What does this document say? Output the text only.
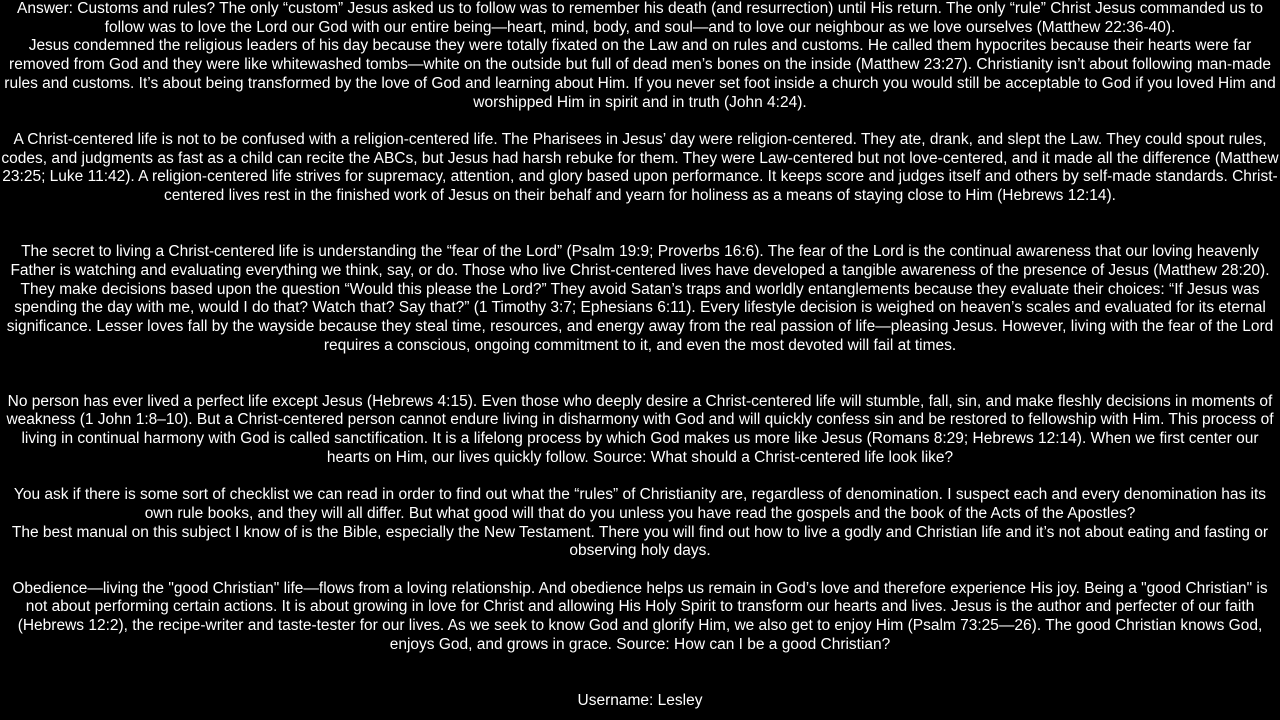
Answer: Customs and rules? The only “custom” Jesus asked us to follow was to remember his death (and resurrection) until His return. The only “rule” Christ Jesus commanded us to follow was to love the Lord our God with our entire being—heart, mind, body, and soul—and to love our neighbour as we love ourselves (Matthew 22:36-40).

Jesus condemned the religious leaders of his day because they were totally fixated on the Law and on rules and customs. He called them hypocrites because their hearts were far removed from God and they were like whitewashed tombs—white on the outside but full of dead men’s bones on the inside (Matthew 23:27). Christianity isn’t about following man-made rules and customs. It’s about being transformed by the love of God and learning about Him. If you never set foot inside a church you would still be acceptable to God if you loved Him and worshipped Him in spirit and in truth (John 4:24).

A Christ-centered life is not to be confused with a religion-centered life. The Pharisees in Jesus’ day were religion-centered. They ate, drank, and slept the Law. They could spout rules, codes, and judgments as fast as a child can recite the ABCs, but Jesus had harsh rebuke for them. They were Law-centered but not love-centered, and it made all the difference (Matthew 23:25; Luke 11:42). A religion-centered life strives for supremacy, attention, and glory based upon performance. It keeps score and judges itself and others by self-made standards. Christ-centered lives rest in the finished work of Jesus on their behalf and yearn for holiness as a means of staying close to Him (Hebrews 12:14).

The secret to living a Christ-centered life is understanding the “fear of the Lord” (Psalm 19:9; Proverbs 16:6). The fear of the Lord is the continual awareness that our loving heavenly Father is watching and evaluating everything we think, say, or do. Those who live Christ-centered lives have developed a tangible awareness of the presence of Jesus (Matthew 28:20). They make decisions based upon the question “Would this please the Lord?” They avoid Satan’s traps and worldly entanglements because they evaluate their choices: “If Jesus was spending the day with me, would I do that? Watch that? Say that?” (1 Timothy 3:7; Ephesians 6:11). Every lifestyle decision is weighed on heaven’s scales and evaluated for its eternal significance. Lesser loves fall by the wayside because they steal time, resources, and energy away from the real passion of life—pleasing Jesus. However, living with the fear of the Lord requires a conscious, ongoing commitment to it, and even the most devoted will fail at times.

No person has ever lived a perfect life except Jesus (Hebrews 4:15). Even those who deeply desire a Christ-centered life will stumble, fall, sin, and make fleshly decisions in moments of weakness (1 John 1:8–10). But a Christ-centered person cannot endure living in disharmony with God and will quickly confess sin and be restored to fellowship with Him. This process of living in continual harmony with God is called sanctification. It is a lifelong process by which God makes us more like Jesus (Romans 8:29; Hebrews 12:14). When we first center our hearts on Him, our lives quickly follow. Source: What should a Christ-centered life look like?

You ask if there is some sort of checklist we can read in order to find out what the “rules” of Christianity are, regardless of denomination. I suspect each and every denomination has its own rule books, and they will all differ. But what good will that do you unless you have read the gospels and the book of the Acts of the Apostles?

The best manual on this subject I know of is the Bible, especially the New Testament. There you will find out how to live a godly and Christian life and it’s not about eating and fasting or observing holy days.

Obedience—living the "good Christian" life—flows from a loving relationship. And obedience helps us remain in God’s love and therefore experience His joy. Being a "good Christian" is not about performing certain actions. It is about growing in love for Christ and allowing His Holy Spirit to transform our hearts and lives. Jesus is the author and perfecter of our faith (Hebrews 12:2), the recipe-writer and taste-tester for our lives. As we seek to know God and glorify Him, we also get to enjoy Him (Psalm 73:25—26). The good Christian knows God, enjoys God, and grows in grace. Source: How can I be a good Christian?

Username: Lesley
